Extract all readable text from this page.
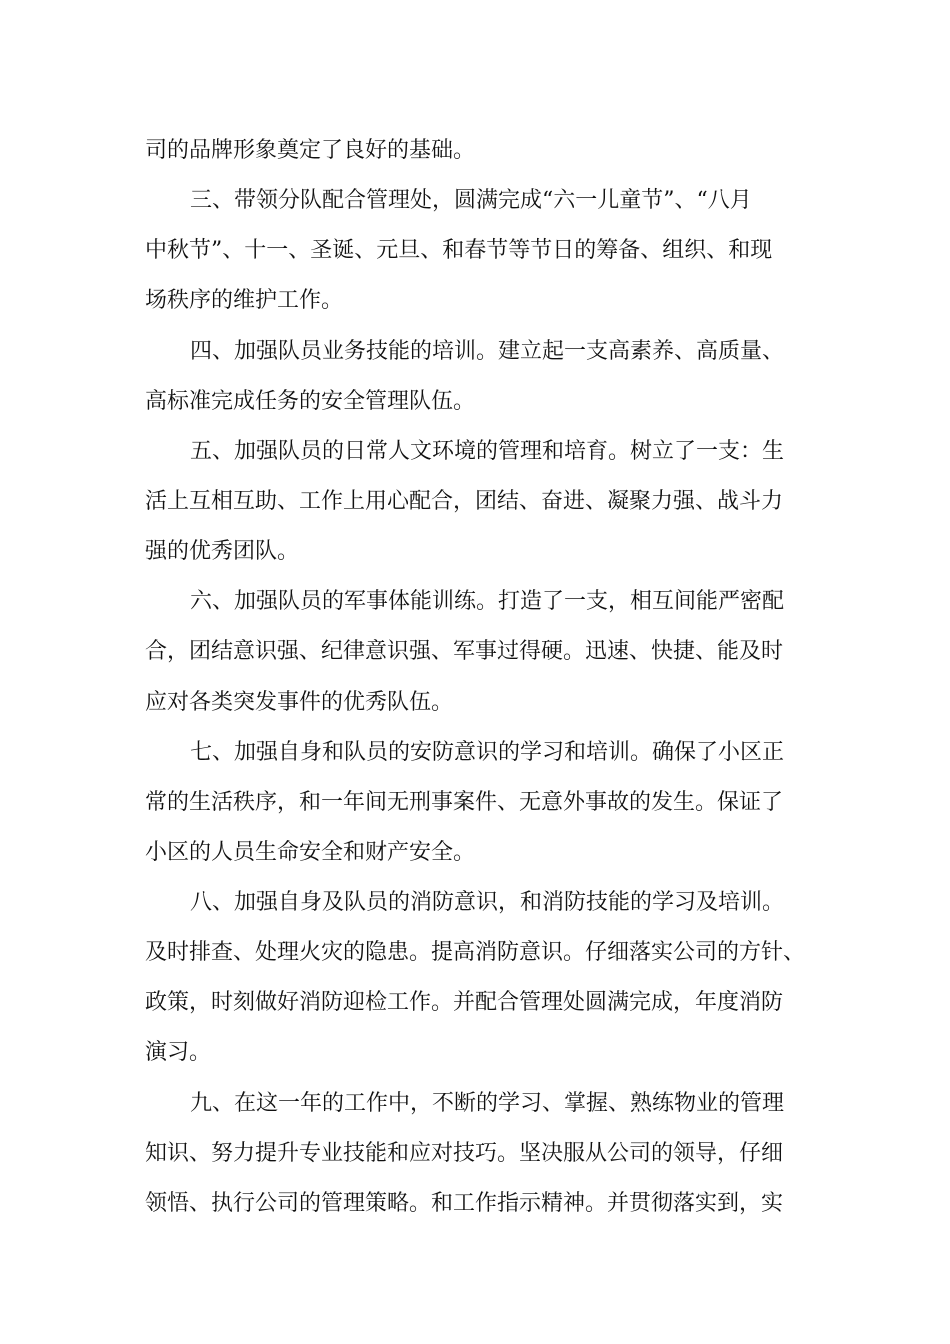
司的品牌形象奠定了良好的基础。
三、带领分队配合管理处，圆满完成“六一儿童节”、“八月
中秋节”、十一、圣诞、元旦、和春节等节日的筹备、组织、和现
场秩序的维护工作。
四、加强队员业务技能的培训。建立起一支高素养、高质量、
高标准完成任务的安全管理队伍。
五、加强队员的日常人文环境的管理和培育。树立了一支：生
活上互相互助、工作上用心配合，团结、奋进、凝聚力强、战斗力
强的优秀团队。
六、加强队员的军事体能训练。打造了一支，相互间能严密配
合，团结意识强、纪律意识强、军事过得硬。迅速、快捷、能及时
应对各类突发事件的优秀队伍。
七、加强自身和队员的安防意识的学习和培训。确保了小区正
常的生活秩序，和一年间无刑事案件、无意外事故的发生。保证了
小区的人员生命安全和财产安全。
八、加强自身及队员的消防意识，和消防技能的学习及培训。
及时排查、处理火灾的隐患。提高消防意识。仔细落实公司的方针、
政策，时刻做好消防迎检工作。并配合管理处圆满完成，年度消防
演习。
九、在这一年的工作中，不断的学习、掌握、熟练物业的管理
知识、努力提升专业技能和应对技巧。坚决服从公司的领导，仔细
领悟、执行公司的管理策略。和工作指示精神。并贯彻落实到，实
